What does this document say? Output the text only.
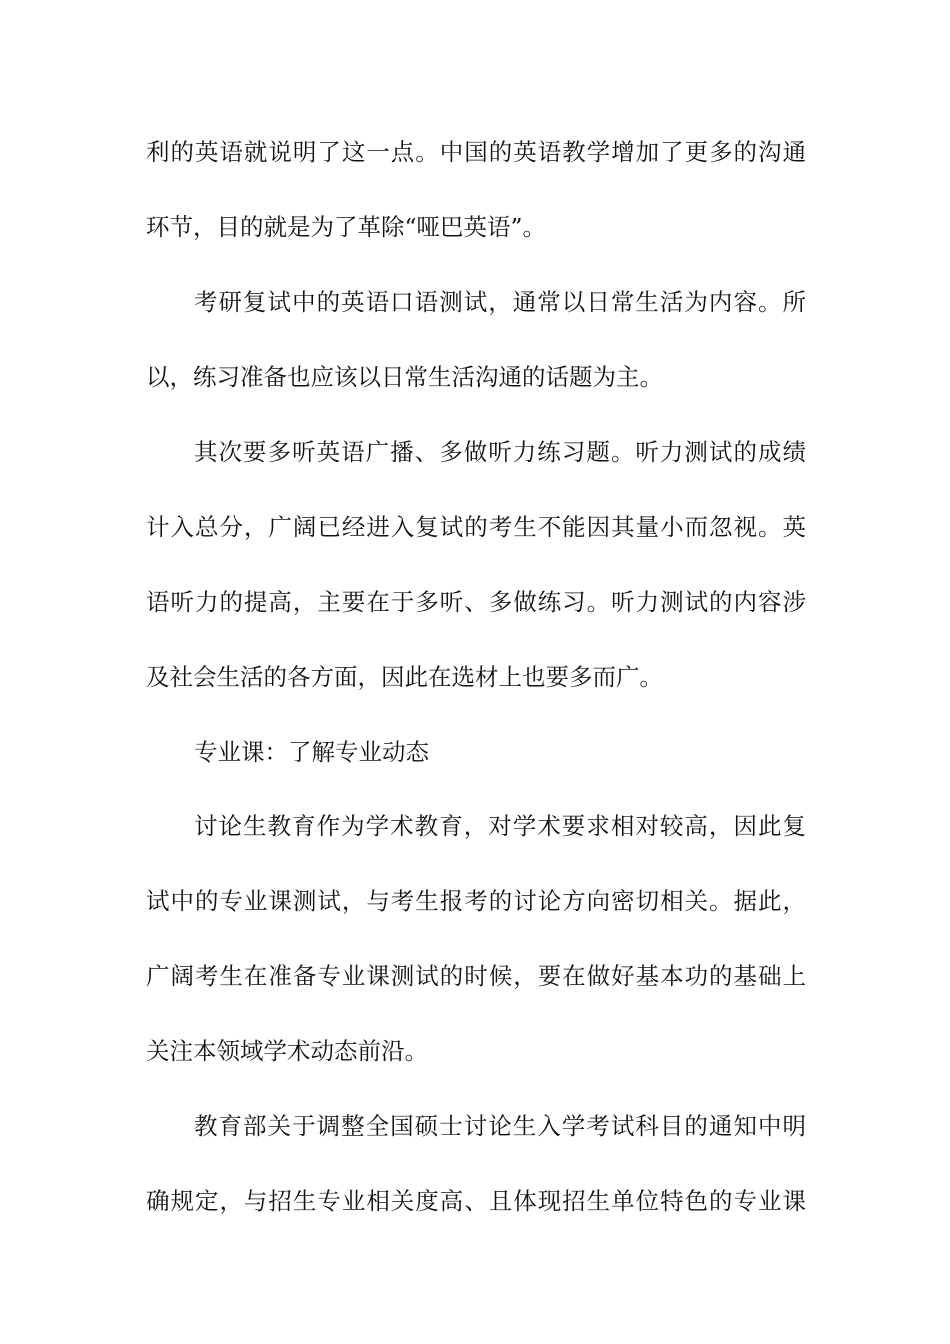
利的英语就说明了这一点。中国的英语教学增加了更多的沟通
环节，目的就是为了革除“哑巴英语”。
考研复试中的英语口语测试，通常以日常生活为内容。所
以，练习准备也应该以日常生活沟通的话题为主。
其次要多听英语广播、多做听力练习题。听力测试的成绩
计入总分，广阔已经进入复试的考生不能因其量小而忽视。英
语听力的提高，主要在于多听、多做练习。听力测试的内容涉
及社会生活的各方面，因此在选材上也要多而广。
专业课：了解专业动态
讨论生教育作为学术教育，对学术要求相对较高，因此复
试中的专业课测试，与考生报考的讨论方向密切相关。据此，
广阔考生在准备专业课测试的时候，要在做好基本功的基础上
关注本领域学术动态前沿。
教育部关于调整全国硕士讨论生入学考试科目的通知中明
确规定，与招生专业相关度高、且体现招生单位特色的专业课
